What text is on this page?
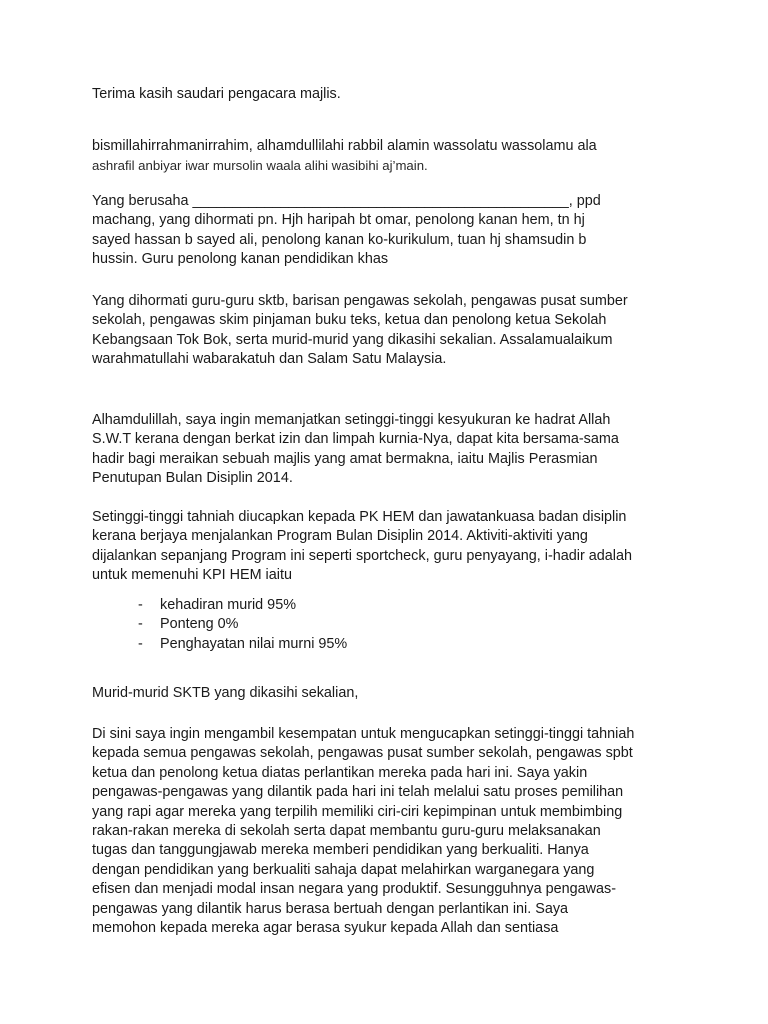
Terima kasih saudari pengacara majlis.

bismillahirrahmanirrahim, alhamdullilahi rabbil alamin wassolatu wassolamu ala
ashrafil anbiyar iwar mursolin waala alihi wasibihi aj’main.

Yang berusaha _______________________________________________, ppd
machang, yang dihormati pn. Hjh haripah bt omar, penolong kanan hem, tn hj
sayed hassan b sayed ali, penolong kanan ko-kurikulum, tuan hj shamsudin b
hussin. Guru penolong kanan pendidikan khas

Yang dihormati guru-guru sktb, barisan pengawas sekolah, pengawas pusat sumber
sekolah, pengawas skim pinjaman buku teks, ketua dan penolong ketua Sekolah
Kebangsaan Tok Bok, serta murid-murid yang dikasihi sekalian. Assalamualaikum
warahmatullahi wabarakatuh dan Salam Satu Malaysia.

Alhamdulillah, saya ingin memanjatkan setinggi-tinggi kesyukuran ke hadrat Allah
S.W.T kerana dengan berkat izin dan limpah kurnia-Nya, dapat kita bersama-sama
hadir bagi meraikan sebuah majlis yang amat bermakna, iaitu Majlis Perasmian
Penutupan Bulan Disiplin 2014.

Setinggi-tinggi tahniah diucapkan kepada PK HEM dan jawatankuasa badan disiplin
kerana berjaya menjalankan Program Bulan Disiplin 2014. Aktiviti-aktiviti yang
dijalankan sepanjang Program ini seperti sportcheck, guru penyayang, i-hadir adalah
untuk memenuhi KPI HEM iaitu

- kehadiran murid 95%
- Ponteng 0%
- Penghayatan nilai murni 95%

Murid-murid SKTB yang dikasihi sekalian,

Di sini saya ingin mengambil kesempatan untuk mengucapkan setinggi-tinggi tahniah
kepada semua pengawas sekolah, pengawas pusat sumber sekolah, pengawas spbt
ketua dan penolong ketua diatas perlantikan mereka pada hari ini. Saya yakin
pengawas-pengawas yang dilantik pada hari ini telah melalui satu proses pemilihan
yang rapi agar mereka yang terpilih memiliki ciri-ciri kepimpinan untuk membimbing
rakan-rakan mereka di sekolah serta dapat membantu guru-guru melaksanakan
tugas dan tanggungjawab mereka memberi pendidikan yang berkualiti. Hanya
dengan pendidikan yang berkualiti sahaja dapat melahirkan warganegara yang
efisen dan menjadi modal insan negara yang produktif. Sesungguhnya pengawas-
pengawas yang dilantik harus berasa bertuah dengan perlantikan ini. Saya
memohon kepada mereka agar berasa syukur kepada Allah dan sentiasa
